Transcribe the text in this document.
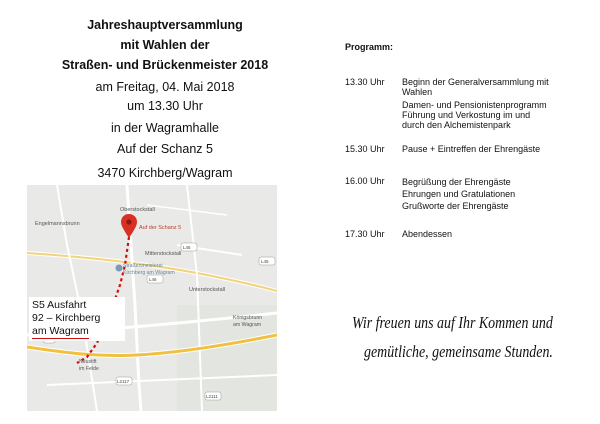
Jahreshauptversammlung
mit Wahlen der
Straßen- und Brückenmeister 2018
am Freitag, 04. Mai 2018
um 13.30 Uhr
in der Wagramhalle
Auf der Schanz 5
3470 Kirchberg/Wagram
Engelmannsbrunn
Oberstockstall
Auf der Schanz 5
Mitterstockstall
Straßenmeisterei
Kirchberg am Wagram
Unterstockstall
Königsbrunn
am Wagram
Neustift
im Felde
L45
L45
L46
L2117
L2111
S5 Ausfahrt
92 – Kirchberg
am Wagram
Programm:
13.30 Uhr	Beginn der Generalversammlung mit
Wahlen
Damen- und Pensionistenprogramm
Führung und Verkostung im und
durch den Alchemistenpark
15.30 Uhr	Pause + Eintreffen der Ehrengäste
16.00 Uhr	Begrüßung der Ehrengäste
Ehrungen und Gratulationen
Grußworte der Ehrengäste
17.30 Uhr	Abendessen
Wir freuen uns auf Ihr Kommen und
gemütliche, gemeinsame Stunden.
